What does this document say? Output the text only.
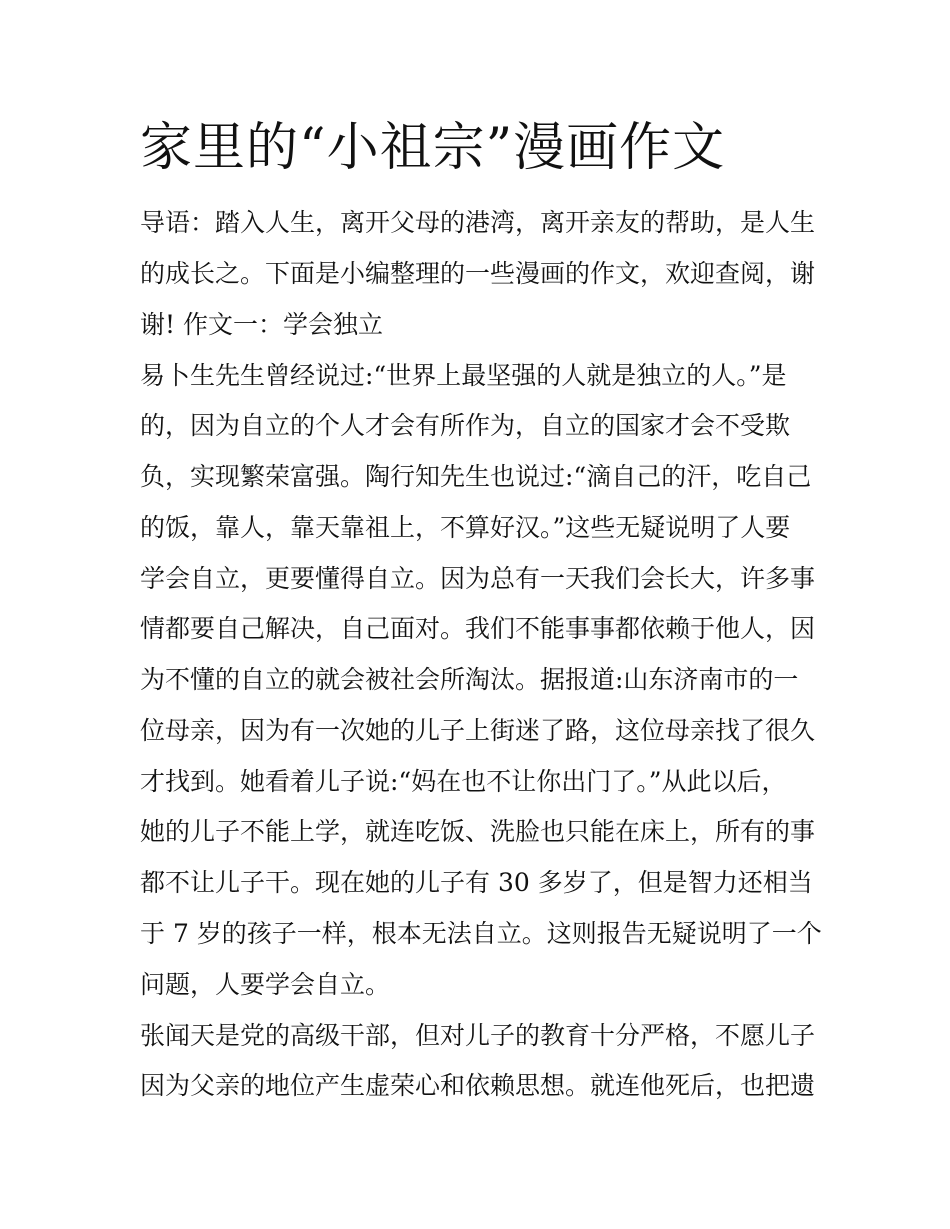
家里的“小祖宗”漫画作文

导语：踏入人生，离开父母的港湾，离开亲友的帮助，是人生

的成长之。下面是小编整理的一些漫画的作文，欢迎查阅，谢

谢! 作文一：学会独立

易卜生先生曾经说过:“世界上最坚强的人就是独立的人。”是

的，因为自立的个人才会有所作为，自立的国家才会不受欺

负，实现繁荣富强。陶行知先生也说过:“滴自己的汗，吃自己

的饭，靠人，靠天靠祖上，不算好汉。”这些无疑说明了人要

学会自立，更要懂得自立。因为总有一天我们会长大，许多事

情都要自己解决，自己面对。我们不能事事都依赖于他人，因

为不懂的自立的就会被社会所淘汰。据报道:山东济南市的一

位母亲，因为有一次她的儿子上街迷了路，这位母亲找了很久

才找到。她看着儿子说:“妈在也不让你出门了。”从此以后，

她的儿子不能上学，就连吃饭、洗脸也只能在床上，所有的事

都不让儿子干。现在她的儿子有 30 多岁了，但是智力还相当

于 7 岁的孩子一样，根本无法自立。这则报告无疑说明了一个

问题，人要学会自立。

张闻天是党的高级干部，但对儿子的教育十分严格，不愿儿子

因为父亲的地位产生虚荣心和依赖思想。就连他死后，也把遗
